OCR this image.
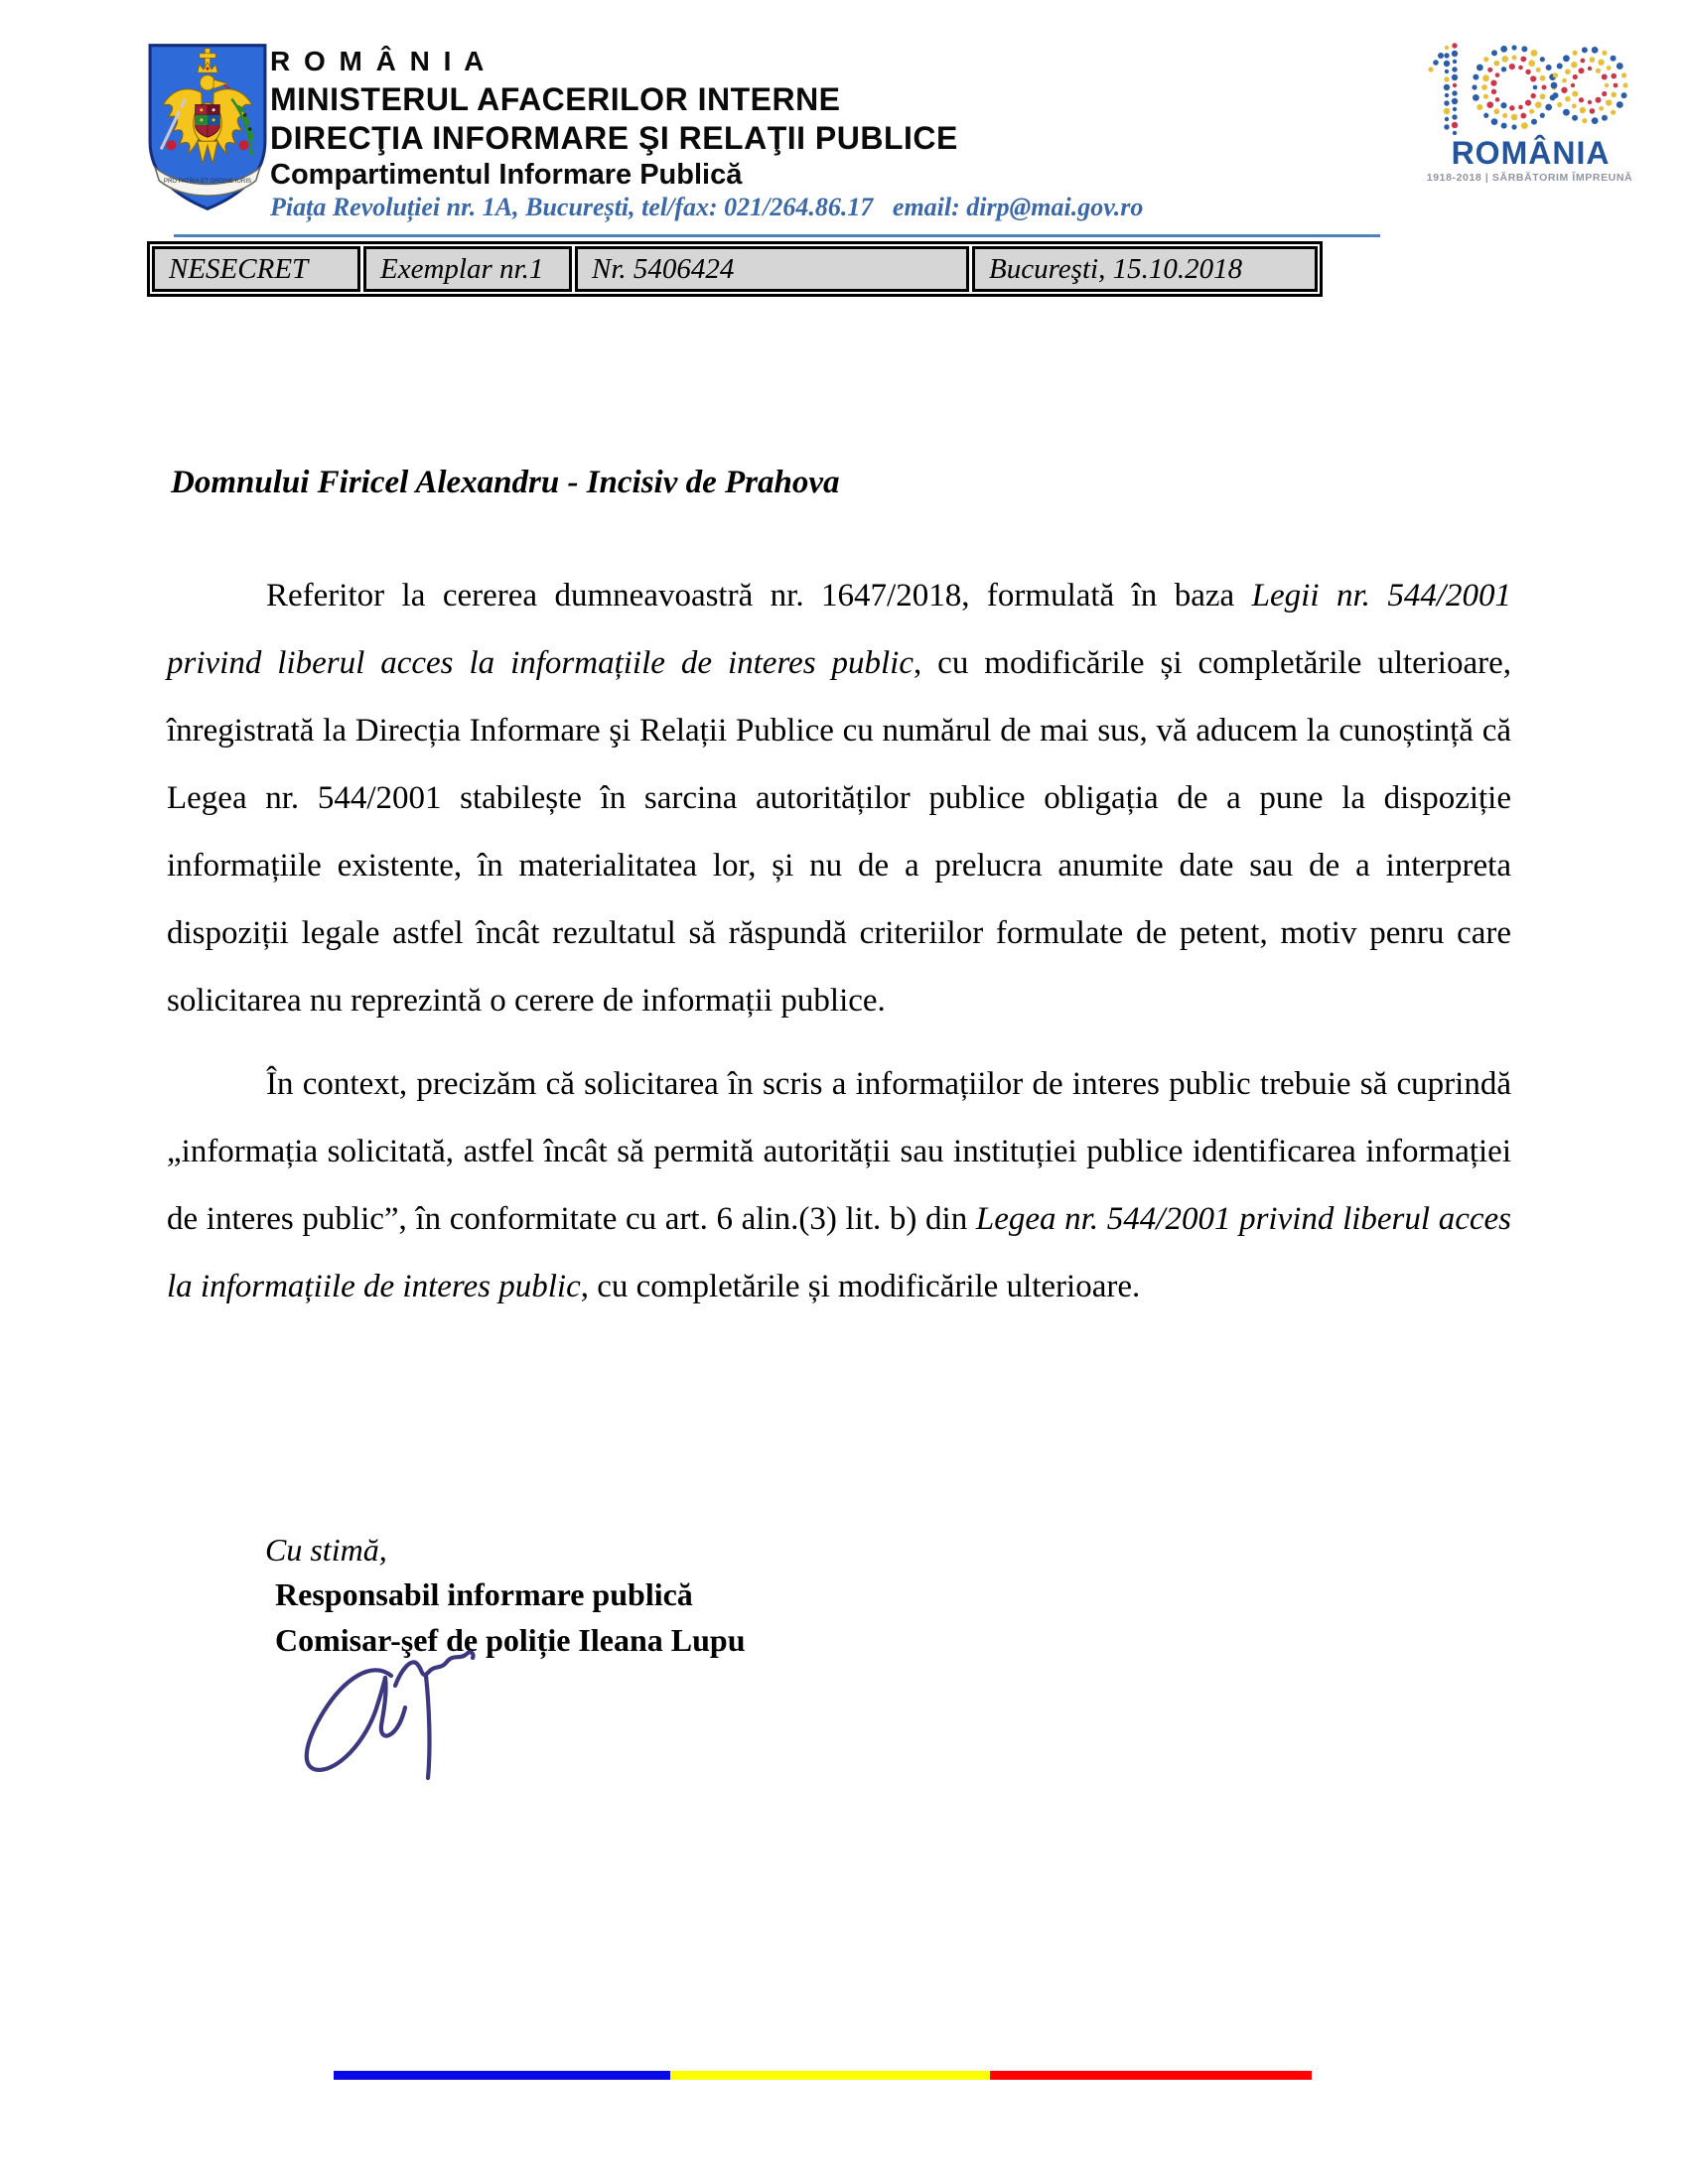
PRO PATRIA ET ORDINE IURIS
R O M Â N I A
MINISTERUL AFACERILOR INTERNE
DIRECŢIA INFORMARE ŞI RELAŢII PUBLICE
Compartimentul Informare Publică
Piața Revoluției nr. 1A, București, tel/fax: 021/264.86.17   email: dirp@mai.gov.ro
ROMÂNIA
1918-2018 | SĂRBĂTORIM ÎMPREUNĂ
NESECRET	Exemplar nr.1	Nr. 5406424	Bucureşti, 15.10.2018
Domnului Firicel Alexandru - Incisiv de Prahova

Referitor la cererea dumneavoastră nr. 1647/2018, formulată în baza Legii nr. 544/2001 privind liberul acces la informațiile de interes public, cu modificările și completările ulterioare, înregistrată la Direcția Informare şi Relații Publice cu numărul de mai sus, vă aducem la cunoștință că Legea nr. 544/2001 stabilește în sarcina autorităților publice obligația de a pune la dispoziție informațiile existente, în materialitatea lor, și nu de a prelucra anumite date sau de a interpreta dispoziții legale astfel încât rezultatul să răspundă criteriilor formulate de petent, motiv penru care solicitarea nu reprezintă o cerere de informații publice.

În context, precizăm că solicitarea în scris a informațiilor de interes public trebuie să cuprindă „informația solicitată, astfel încât să permită autorității sau instituției publice identificarea informației de interes public”, în conformitate cu art. 6 alin.(3) lit. b) din Legea nr. 544/2001 privind liberul acces la informațiile de interes public, cu completările și modificările ulterioare.

Cu stimă,
Responsabil informare publică
Comisar-şef de poliție Ileana Lupu
